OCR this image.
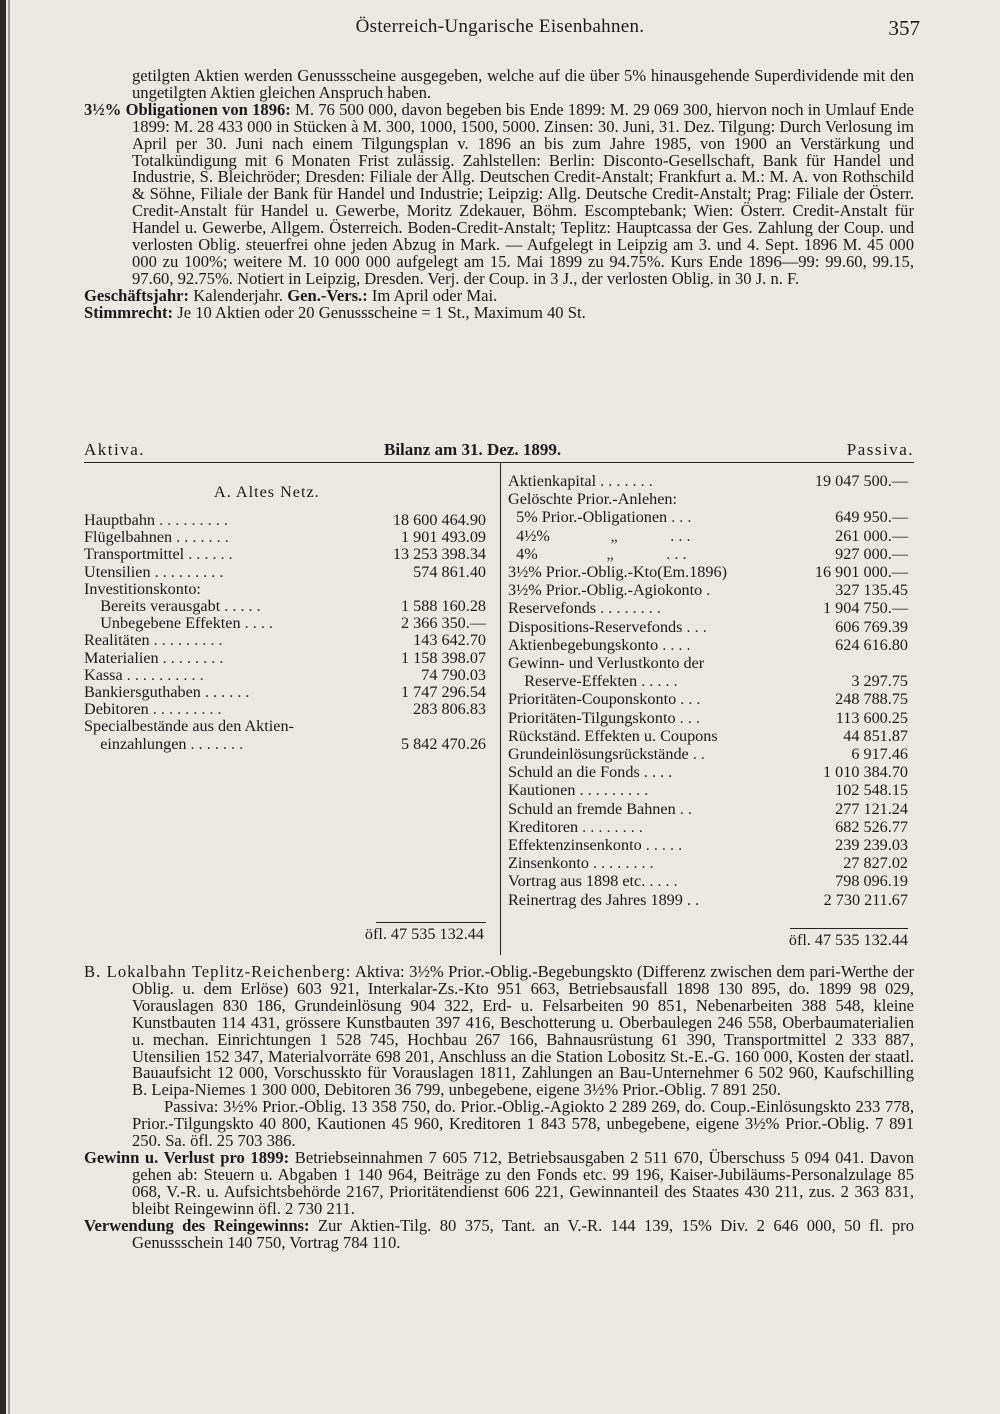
Österreich-Ungarische Eisenbahnen.	357

getilgten Aktien werden Genussscheine ausgegeben, welche auf die über 5% hinausgehende Superdividende mit den ungetilgten Aktien gleichen Anspruch haben.

3½% Obligationen von 1896: M. 76 500 000, davon begeben bis Ende 1899: M. 29 069 300, hiervon noch in Umlauf Ende 1899: M. 28 433 000 in Stücken à M. 300, 1000, 1500, 5000. Zinsen: 30. Juni, 31. Dez. Tilgung: Durch Verlosung im April per 30. Juni nach einem Tilgungsplan v. 1896 an bis zum Jahre 1985, von 1900 an Verstärkung und Totalkündigung mit 6 Monaten Frist zulässig. Zahlstellen: Berlin: Disconto-Gesellschaft, Bank für Handel und Industrie, S. Bleichröder; Dresden: Filiale der Allg. Deutschen Credit-Anstalt; Frankfurt a. M.: M. A. von Rothschild & Söhne, Filiale der Bank für Handel und Industrie; Leipzig: Allg. Deutsche Credit-Anstalt; Prag: Filiale der Österr. Credit-Anstalt für Handel u. Gewerbe, Moritz Zdekauer, Böhm. Escomptebank; Wien: Österr. Credit-Anstalt für Handel u. Gewerbe, Allgem. Österreich. Boden-Credit-Anstalt; Teplitz: Hauptcassa der Ges. Zahlung der Coup. und verlosten Oblig. steuerfrei ohne jeden Abzug in Mark. — Aufgelegt in Leipzig am 3. und 4. Sept. 1896 M. 45 000 000 zu 100%; weitere M. 10 000 000 aufgelegt am 15. Mai 1899 zu 94.75%. Kurs Ende 1896—99: 99.60, 99.15, 97.60, 92.75%. Notiert in Leipzig, Dresden. Verj. der Coup. in 3 J., der verlosten Oblig. in 30 J. n. F.

Geschäftsjahr: Kalenderjahr. Gen.-Vers.: Im April oder Mai.

Stimmrecht: Je 10 Aktien oder 20 Genussscheine = 1 St., Maximum 40 St.

Aktiva.	Bilanz am 31. Dez. 1899.	Passiva.
A. Altes Netz.
Hauptbahn . . . . . . . . .	18 600 464.90
Flügelbahnen . . . . . . .	1 901 493.09
Transportmittel . . . . . .	13 253 398.34
Utensilien . . . . . . . . .	574 861.40
Investitionskonto:
Bereits verausgabt . . . . .	1 588 160.28
Unbegebene Effekten . . . .	2 366 350.—
Realitäten . . . . . . . . .	143 642.70
Materialien . . . . . . . .	1 158 398.07
Kassa . . . . . . . . . .	74 790.03
Bankiersguthaben . . . . . .	1 747 296.54
Debitoren . . . . . . . . .	283 806.83
Specialbestände aus den Aktien-
einzahlungen . . . . . . .	5 842 470.26
öfl. 47 535 132.44
Aktienkapital . . . . . . .	19 047 500.—
Gelöschte Prior.-Anlehen:
5% Prior.-Obligationen . . .	649 950.—
4½%               „             . . .	261 000.—
4%                 „             . . .	927 000.—
3½% Prior.-Oblig.-Kto(Em.1896)	16 901 000.—
3½% Prior.-Oblig.-Agiokonto .	327 135.45
Reservefonds . . . . . . . .	1 904 750.—
Dispositions-Reservefonds . . .	606 769.39
Aktienbegebungskonto . . . .	624 616.80
Gewinn- und Verlustkonto der
Reserve-Effekten . . . . .	3 297.75
Prioritäten-Couponskonto . . .	248 788.75
Prioritäten-Tilgungskonto . . .	113 600.25
Rückständ. Effekten u. Coupons	44 851.87
Grundeinlösungsrückstände . .	6 917.46
Schuld an die Fonds . . . .	1 010 384.70
Kautionen . . . . . . . . .	102 548.15
Schuld an fremde Bahnen . .	277 121.24
Kreditoren . . . . . . . .	682 526.77
Effektenzinsenkonto . . . . .	239 239.03
Zinsenkonto . . . . . . . .	27 827.02
Vortrag aus 1898 etc. . . . .	798 096.19
Reinertrag des Jahres 1899 . .	2 730 211.67
öfl. 47 535 132.44

B. Lokalbahn Teplitz-Reichenberg: Aktiva: 3½% Prior.-Oblig.-Begebungskto (Differenz zwischen dem pari-Werthe der Oblig. u. dem Erlöse) 603 921, Interkalar-Zs.-Kto 951 663, Betriebsausfall 1898 130 895, do. 1899 98 029, Vorauslagen 830 186, Grundeinlösung 904 322, Erd- u. Felsarbeiten 90 851, Nebenarbeiten 388 548, kleine Kunstbauten 114 431, grössere Kunstbauten 397 416, Beschotterung u. Oberbaulegen 246 558, Oberbaumaterialien u. mechan. Einrichtungen 1 528 745, Hochbau 267 166, Bahnausrüstung 61 390, Transportmittel 2 333 887, Utensilien 152 347, Materialvorräte 698 201, Anschluss an die Station Lobositz St.-E.-G. 160 000, Kosten der staatl. Bauaufsicht 12 000, Vorschusskto für Vorauslagen 1811, Zahlungen an Bau-Unternehmer 6 502 960, Kaufschilling B. Leipa-Niemes 1 300 000, Debitoren 36 799, unbegebene, eigene 3½% Prior.-Oblig. 7 891 250.

Passiva: 3½% Prior.-Oblig. 13 358 750, do. Prior.-Oblig.-Agiokto 2 289 269, do. Coup.-Einlösungskto 233 778, Prior.-Tilgungskto 40 800, Kautionen 45 960, Kreditoren 1 843 578, unbegebene, eigene 3½% Prior.-Oblig. 7 891 250. Sa. öfl. 25 703 386.

Gewinn u. Verlust pro 1899: Betriebseinnahmen 7 605 712, Betriebsausgaben 2 511 670, Überschuss 5 094 041. Davon gehen ab: Steuern u. Abgaben 1 140 964, Beiträge zu den Fonds etc. 99 196, Kaiser-Jubiläums-Personalzulage 85 068, V.-R. u. Aufsichtsbehörde 2167, Prioritätendienst 606 221, Gewinnanteil des Staates 430 211, zus. 2 363 831, bleibt Reingewinn öfl. 2 730 211.

Verwendung des Reingewinns: Zur Aktien-Tilg. 80 375, Tant. an V.-R. 144 139, 15% Div. 2 646 000, 50 fl. pro Genussschein 140 750, Vortrag 784 110.
